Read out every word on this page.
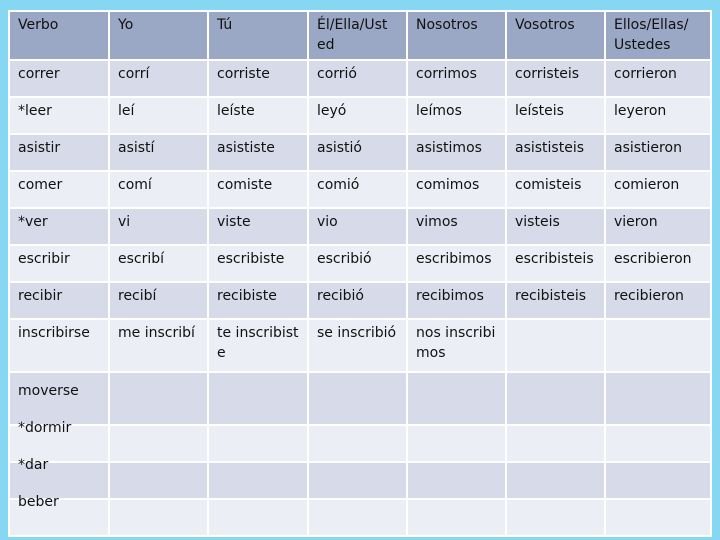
Verbo	Yo	Tú	Él/Ella/Ust ed	Nosotros	Vosotros	Ellos/Ellas/ Ustedes
correr	corrí	corriste	corrió	corrimos	corristeis	corrieron
*leer	leí	leíste	leyó	leímos	leísteis	leyeron
asistir	asistí	asististe	asistió	asistimos	asististeis	asistieron
comer	comí	comiste	comió	comimos	comisteis	comieron
*ver	vi	viste	vio	vimos	visteis	vieron
escribir	escribí	escribiste	escribió	escribimos	escribisteis	escribieron
recibir	recibí	recibiste	recibió	recibimos	recibisteis	recibieron
inscribirse	me inscribí	te inscribiste	se inscribió	nos inscribimos		

moverse
*dormir
*dar
beber
